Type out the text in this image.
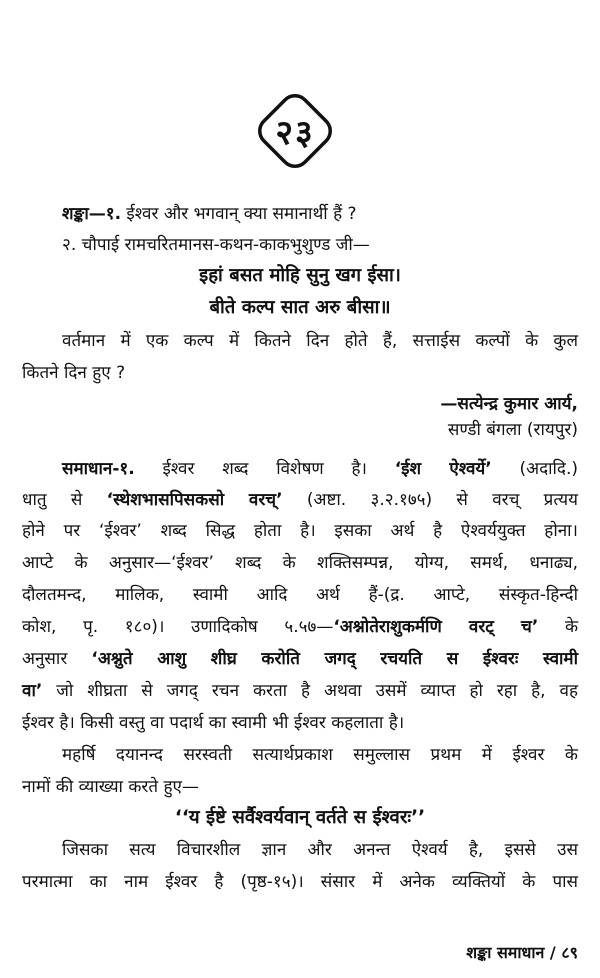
२३
शङ्का—१. ईश्वर और भगवान् क्या समानार्थी हैं ?
२. चौपाई रामचरितमानस-कथन-काकभुशुण्ड जी—
इहां बसत मोहि सुनु खग ईसा।
बीते कल्प सात अरु बीसा॥
वर्तमान में एक कल्प में कितने दिन होते हैं, सत्ताईस कल्पों के कुल
कितने दिन हुए ?
—सत्येन्द्र कुमार आर्य,
सण्डी बंगला (रायपुर)
समाधान-१. ईश्वर शब्द विशेषण है। ‘ईश ऐश्वर्ये’ (अदादि.)
धातु से ‘स्थेशभासपिसकसो वरच्’ (अष्टा. ३.२.१७५) से वरच् प्रत्यय
होने पर ‘ईश्वर’ शब्द सिद्ध होता है। इसका अर्थ है ऐश्वर्ययुक्त होना।
आप्टे के अनुसार—‘ईश्वर’ शब्द के शक्तिसम्पन्न, योग्य, समर्थ, धनाढ्य,
दौलतमन्द, मालिक, स्वामी आदि अर्थ हैं-(द्र. आप्टे, संस्कृत-हिन्दी
कोश, पृ. १८०)। उणादिकोष ५.५७—‘अश्नोतेराशुकर्मणि वरट् च’ के
अनुसार ‘अश्नुते आशु शीघ्र करोति जगद् रचयति स ईश्वरः स्वामी
वा’ जो शीघ्रता से जगद् रचन करता है अथवा उसमें व्याप्त हो रहा है, वह
ईश्वर है। किसी वस्तु वा पदार्थ का स्वामी भी ईश्वर कहलाता है।
महर्षि दयानन्द सरस्वती सत्यार्थप्रकाश समुल्लास प्रथम में ईश्वर के
नामों की व्याख्या करते हुए—
‘‘य ईष्टे सर्वैश्वर्यवान् वर्तते स ईश्वरः’’
जिसका सत्य विचारशील ज्ञान और अनन्त ऐश्वर्य है, इससे उस
परमात्मा का नाम ईश्वर है (पृष्ठ-१५)। संसार में अनेक व्यक्तियों के पास
शङ्का समाधान / ८९
